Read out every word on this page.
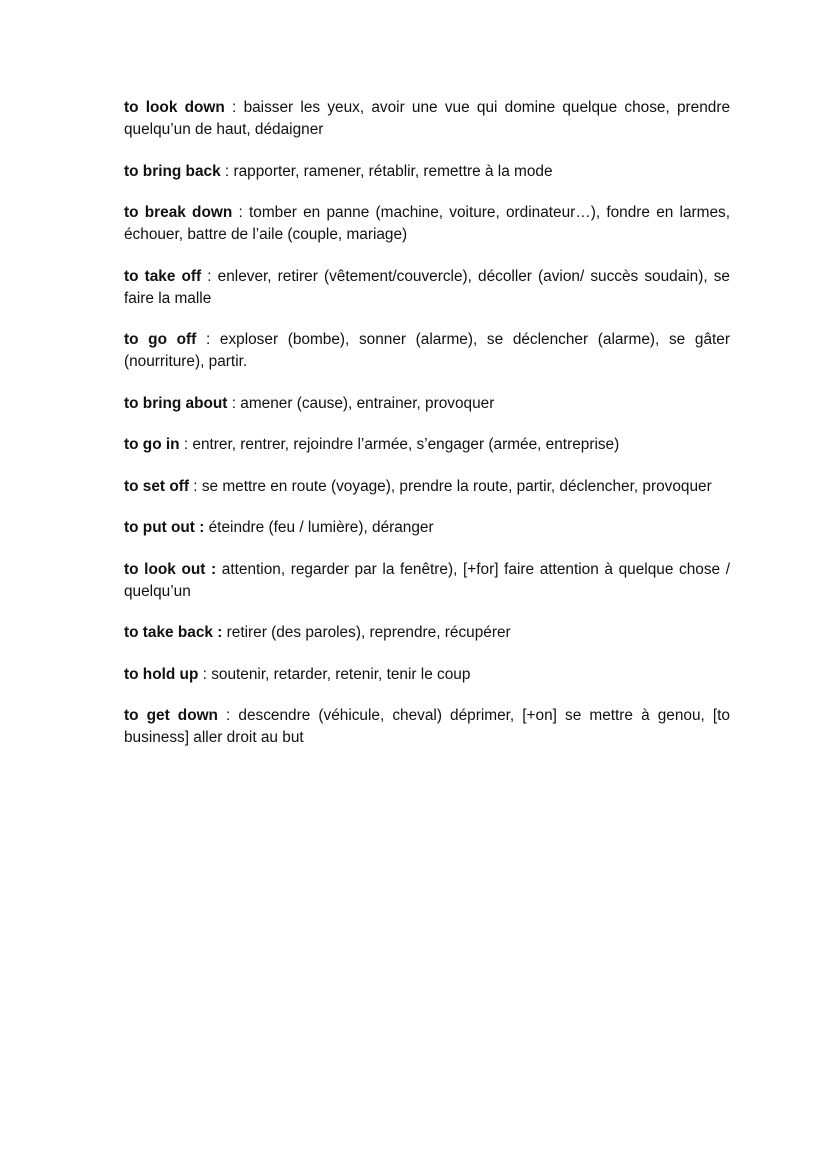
to look down : baisser les yeux, avoir une vue qui domine quelque chose, prendre quelqu’un de haut, dédaigner

to bring back : rapporter, ramener, rétablir, remettre à la mode

to break down : tomber en panne (machine, voiture, ordinateur…), fondre en larmes, échouer, battre de l’aile (couple, mariage)

to take off : enlever, retirer (vêtement/couvercle), décoller (avion/ succès soudain), se faire la malle

to go off : exploser (bombe), sonner (alarme), se déclencher (alarme), se gâter (nourriture), partir.

to bring about : amener (cause), entrainer, provoquer

to go in : entrer, rentrer, rejoindre l’armée, s’engager (armée, entreprise)

to set off : se mettre en route (voyage), prendre la route, partir, déclencher, provoquer

to put out : éteindre (feu / lumière), déranger

to look out : attention, regarder par la fenêtre), [+for] faire attention à quelque chose / quelqu’un

to take back : retirer (des paroles), reprendre, récupérer

to hold up : soutenir, retarder, retenir, tenir le coup

to get down : descendre (véhicule, cheval) déprimer, [+on] se mettre à genou, [to business] aller droit au but
